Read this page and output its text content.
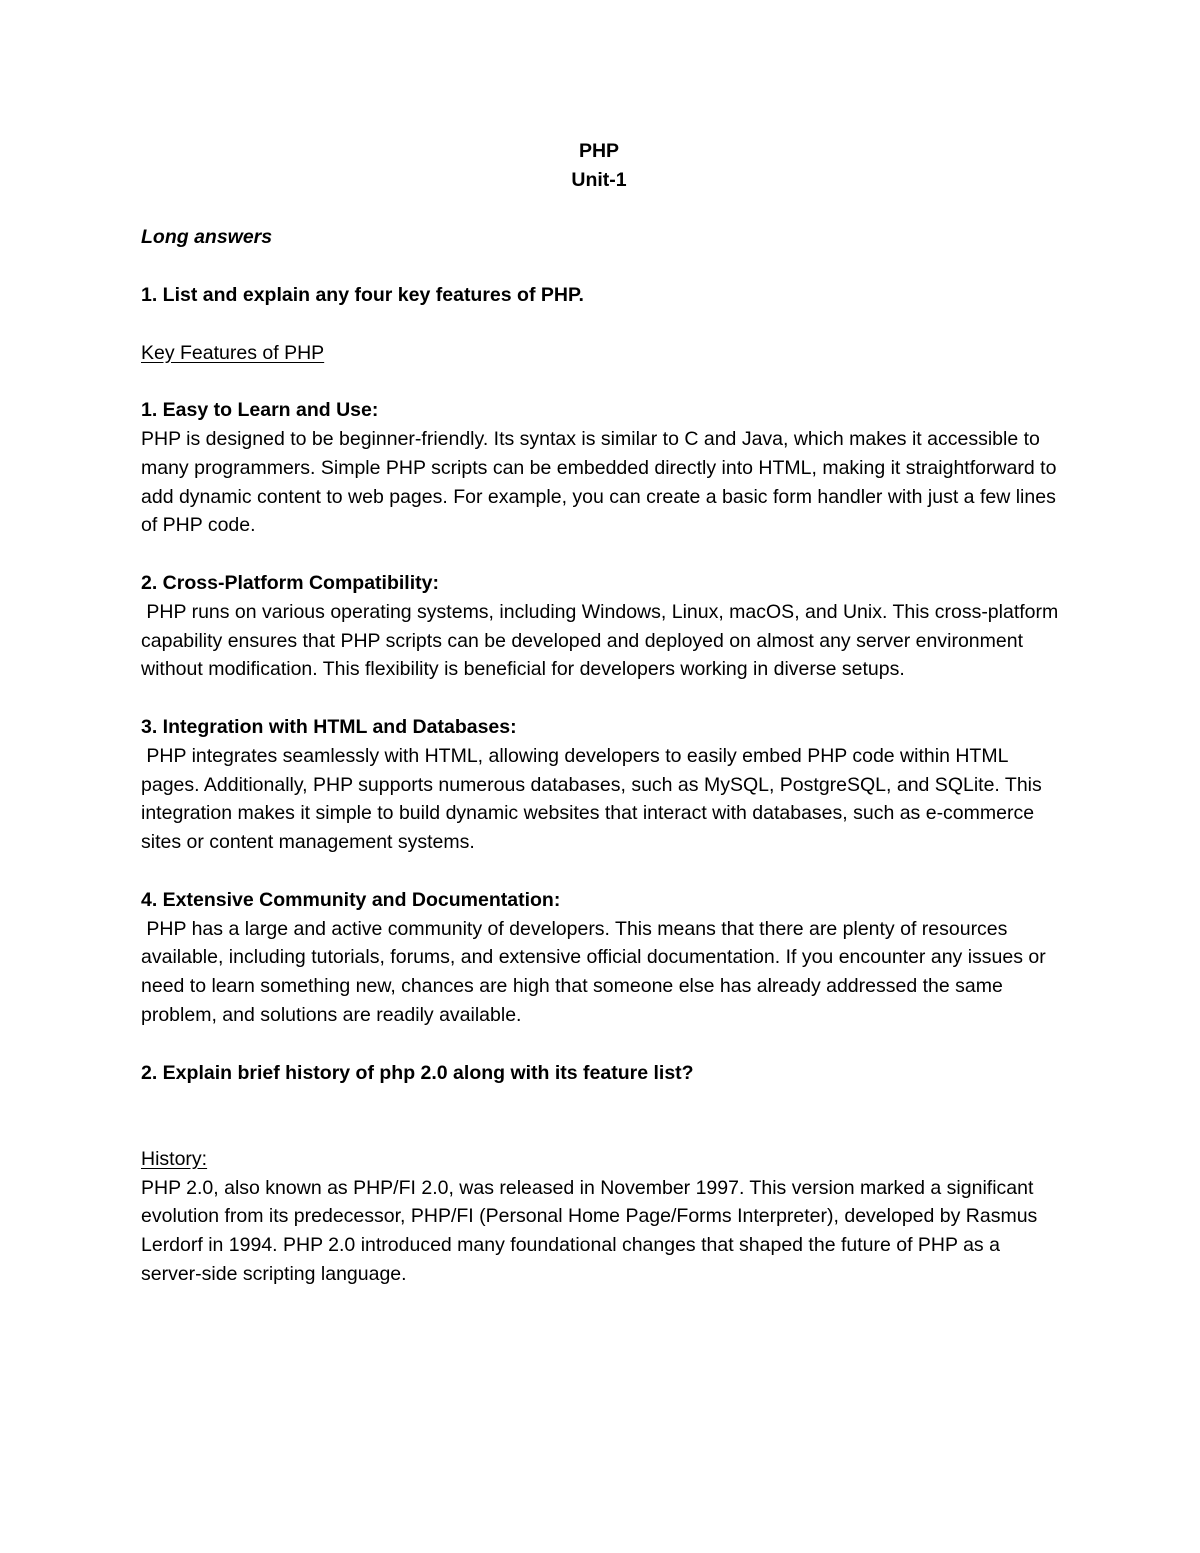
PHP

Unit-1

Long answers

1. List and explain any four key features of PHP.

Key Features of PHP

1. Easy to Learn and Use:

PHP is designed to be beginner-friendly. Its syntax is similar to C and Java, which makes it accessible to many programmers. Simple PHP scripts can be embedded directly into HTML, making it straightforward to add dynamic content to web pages. For example, you can create a basic form handler with just a few lines of PHP code.

2. Cross-Platform Compatibility:

PHP runs on various operating systems, including Windows, Linux, macOS, and Unix. This cross-platform capability ensures that PHP scripts can be developed and deployed on almost any server environment without modification. This flexibility is beneficial for developers working in diverse setups.

3. Integration with HTML and Databases:

PHP integrates seamlessly with HTML, allowing developers to easily embed PHP code within HTML pages. Additionally, PHP supports numerous databases, such as MySQL, PostgreSQL, and SQLite. This integration makes it simple to build dynamic websites that interact with databases, such as e-commerce sites or content management systems.

4. Extensive Community and Documentation:

PHP has a large and active community of developers. This means that there are plenty of resources available, including tutorials, forums, and extensive official documentation. If you encounter any issues or need to learn something new, chances are high that someone else has already addressed the same problem, and solutions are readily available.

2. Explain brief history of php 2.0 along with its feature list?

History:

PHP 2.0, also known as PHP/FI 2.0, was released in November 1997. This version marked a significant evolution from its predecessor, PHP/FI (Personal Home Page/Forms Interpreter), developed by Rasmus Lerdorf in 1994. PHP 2.0 introduced many foundational changes that shaped the future of PHP as a server-side scripting language.
